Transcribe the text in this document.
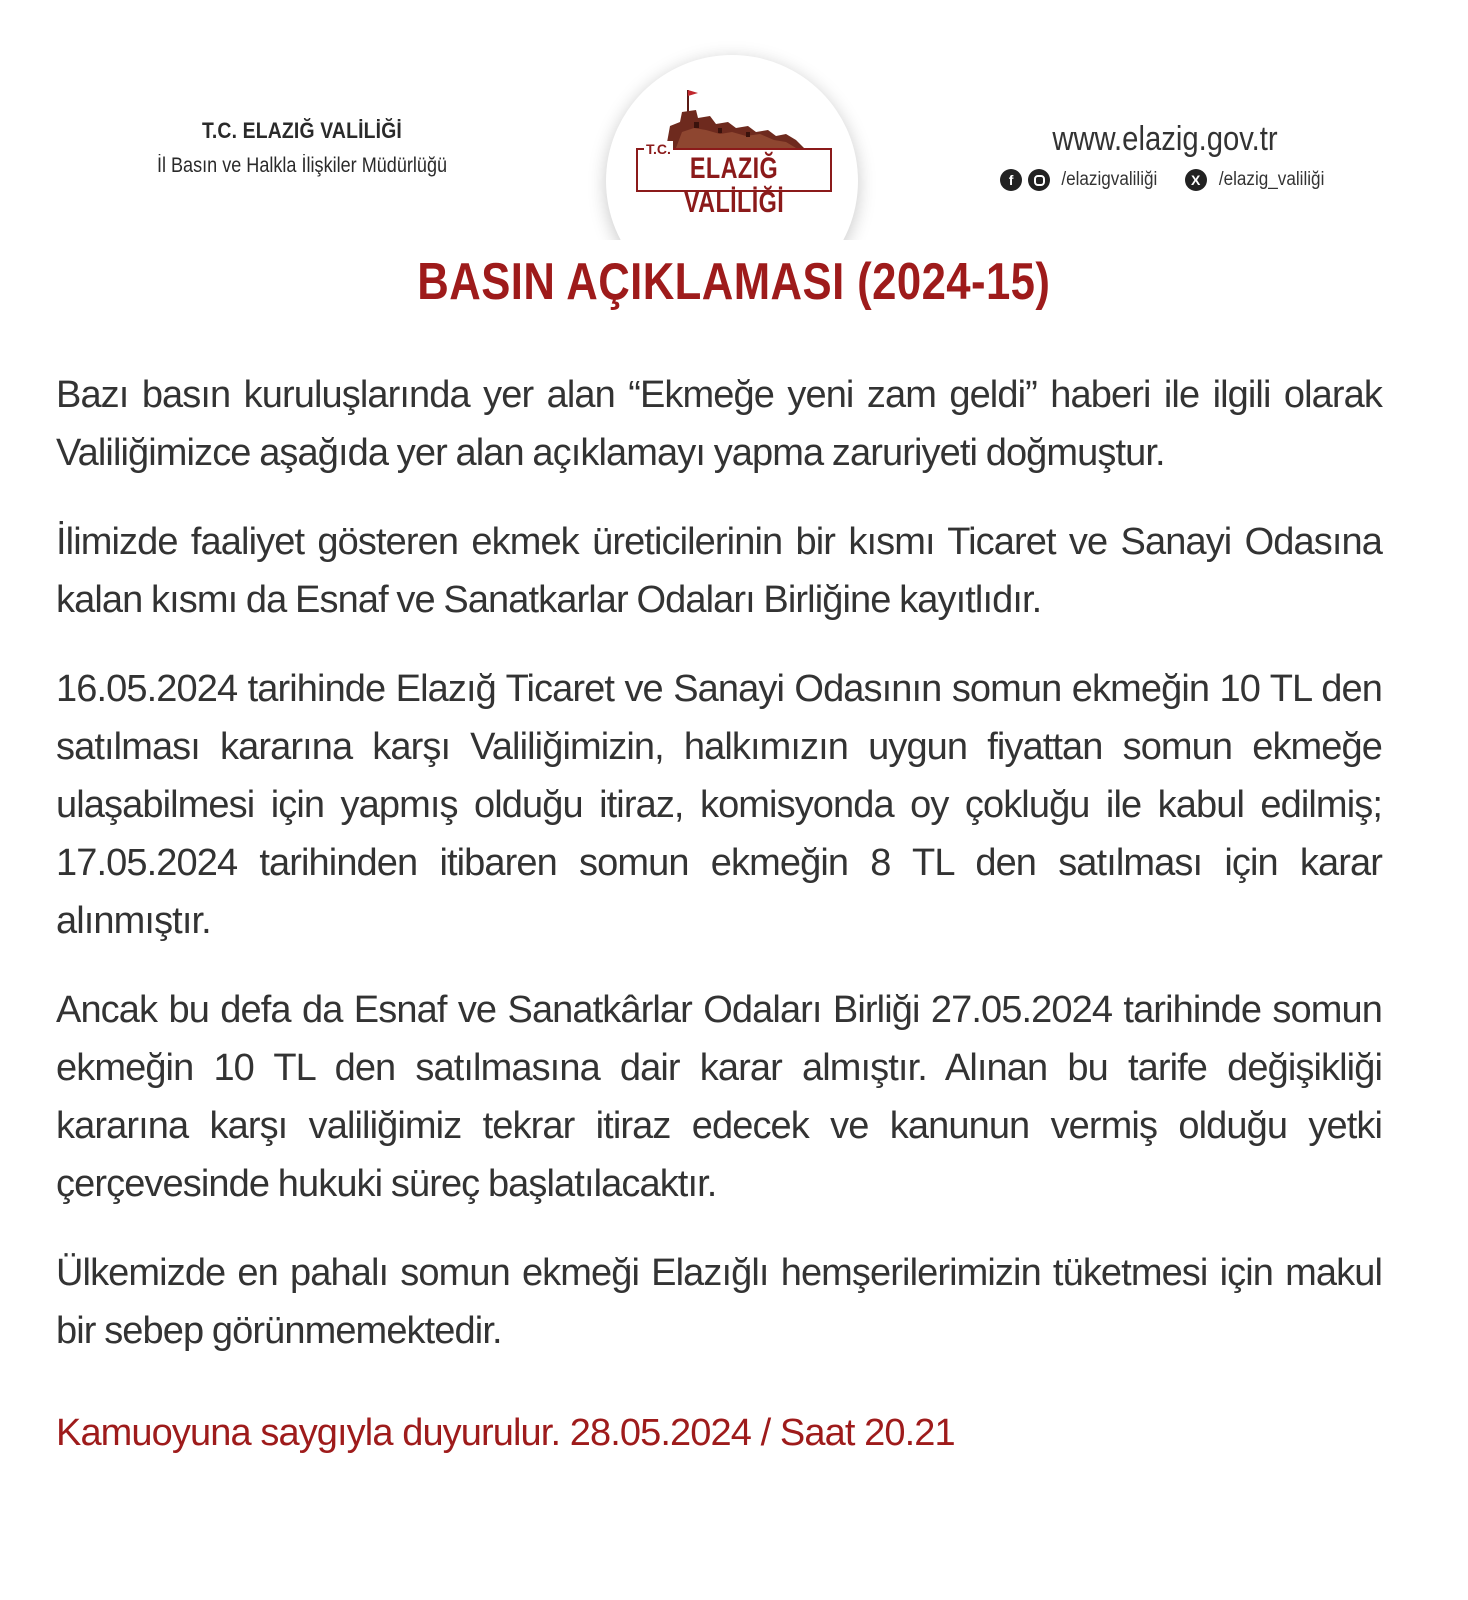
T.C. ELAZIĞ VALİLİĞİ
İl Basın ve Halkla İlişkiler Müdürlüğü
T.C.
ELAZIĞ VALİLİĞİ
www.elazig.gov.tr
f	/elazigvaliliği	X /elazig_valiliği
BASIN AÇIKLAMASI (2024-15)

Bazı basın kuruluşlarında yer alan “Ekmeğe yeni zam geldi” haberi ile ilgili olarak Valiliğimizce aşağıda yer alan açıklamayı yapma zaruriyeti doğmuştur.

İlimizde faaliyet gösteren ekmek üreticilerinin bir kısmı Ticaret ve Sanayi Odasına kalan kısmı da Esnaf ve Sanatkarlar Odaları Birliğine kayıtlıdır.

16.05.2024 tarihinde Elazığ Ticaret ve Sanayi Odasının somun ekmeğin 10 TL den satılması kararına karşı Valiliğimizin, halkımızın uygun fiyattan somun ekmeğe ulaşabilmesi için yapmış olduğu itiraz, komisyonda oy çokluğu ile kabul edilmiş; 17.05.2024 tarihinden itibaren somun ekmeğin 8 TL den satılması için karar alınmıştır.

Ancak bu defa da Esnaf ve Sanatkârlar Odaları Birliği 27.05.2024 tarihinde somun ekmeğin 10 TL den satılmasına dair karar almıştır. Alınan bu tarife değişikliği kararına karşı valiliğimiz tekrar itiraz edecek ve kanunun vermiş olduğu yetki çerçevesinde hukuki süreç başlatılacaktır.

Ülkemizde en pahalı somun ekmeği Elazığlı hemşerilerimizin tüketmesi için makul bir sebep görünmemektedir.

Kamuoyuna saygıyla duyurulur. 28.05.2024 / Saat 20.21
